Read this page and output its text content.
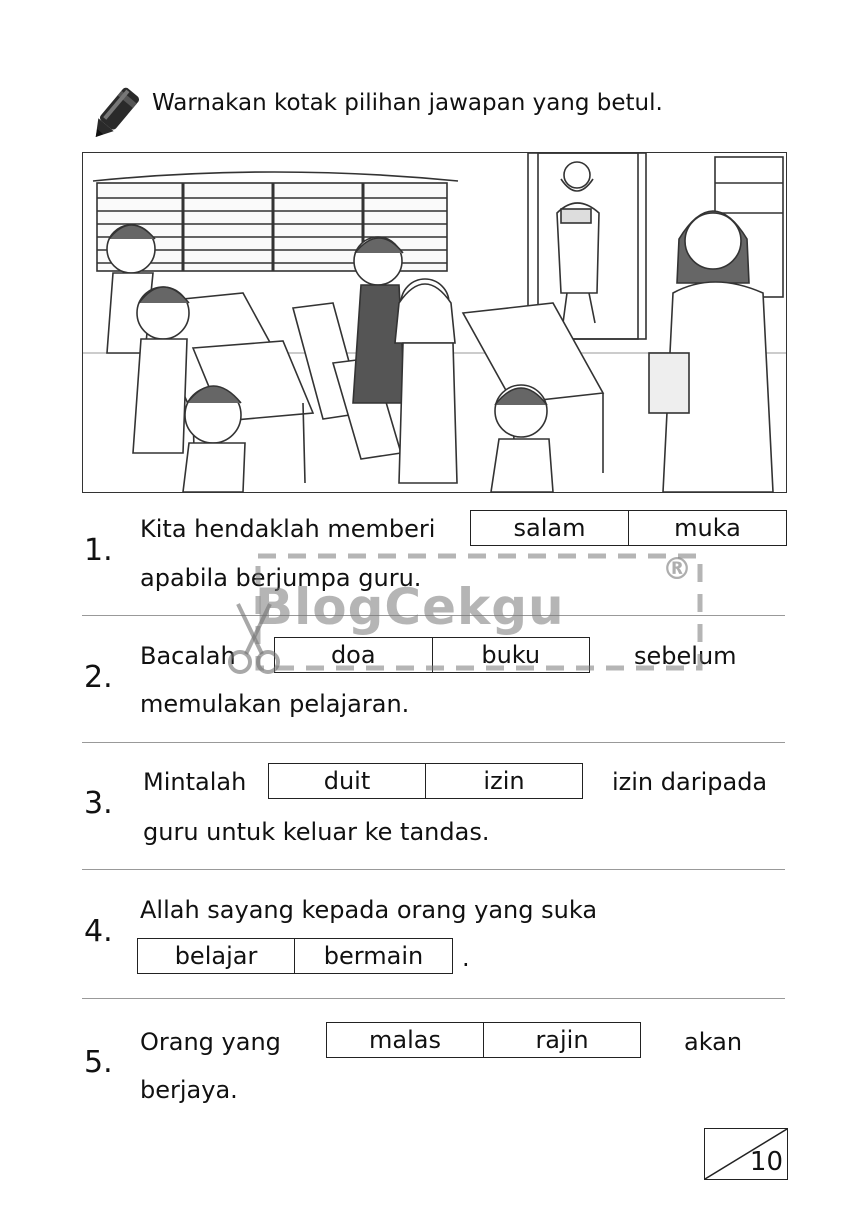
Warnakan kotak pilihan jawapan yang betul.
1.
Kita hendaklah memberi	salam	muka
apabila berjumpa guru.
2.
Bacalah	doa	buku	sebelum
memulakan pelajaran.
3.
Mintalah	duit	izin	izin daripada
guru untuk keluar ke tandas.
4.
Allah sayang kepada orang yang suka
belajar	bermain	.
5.
Orang yang	malas	rajin	akan
berjaya.
BlogCekgu
®
10
